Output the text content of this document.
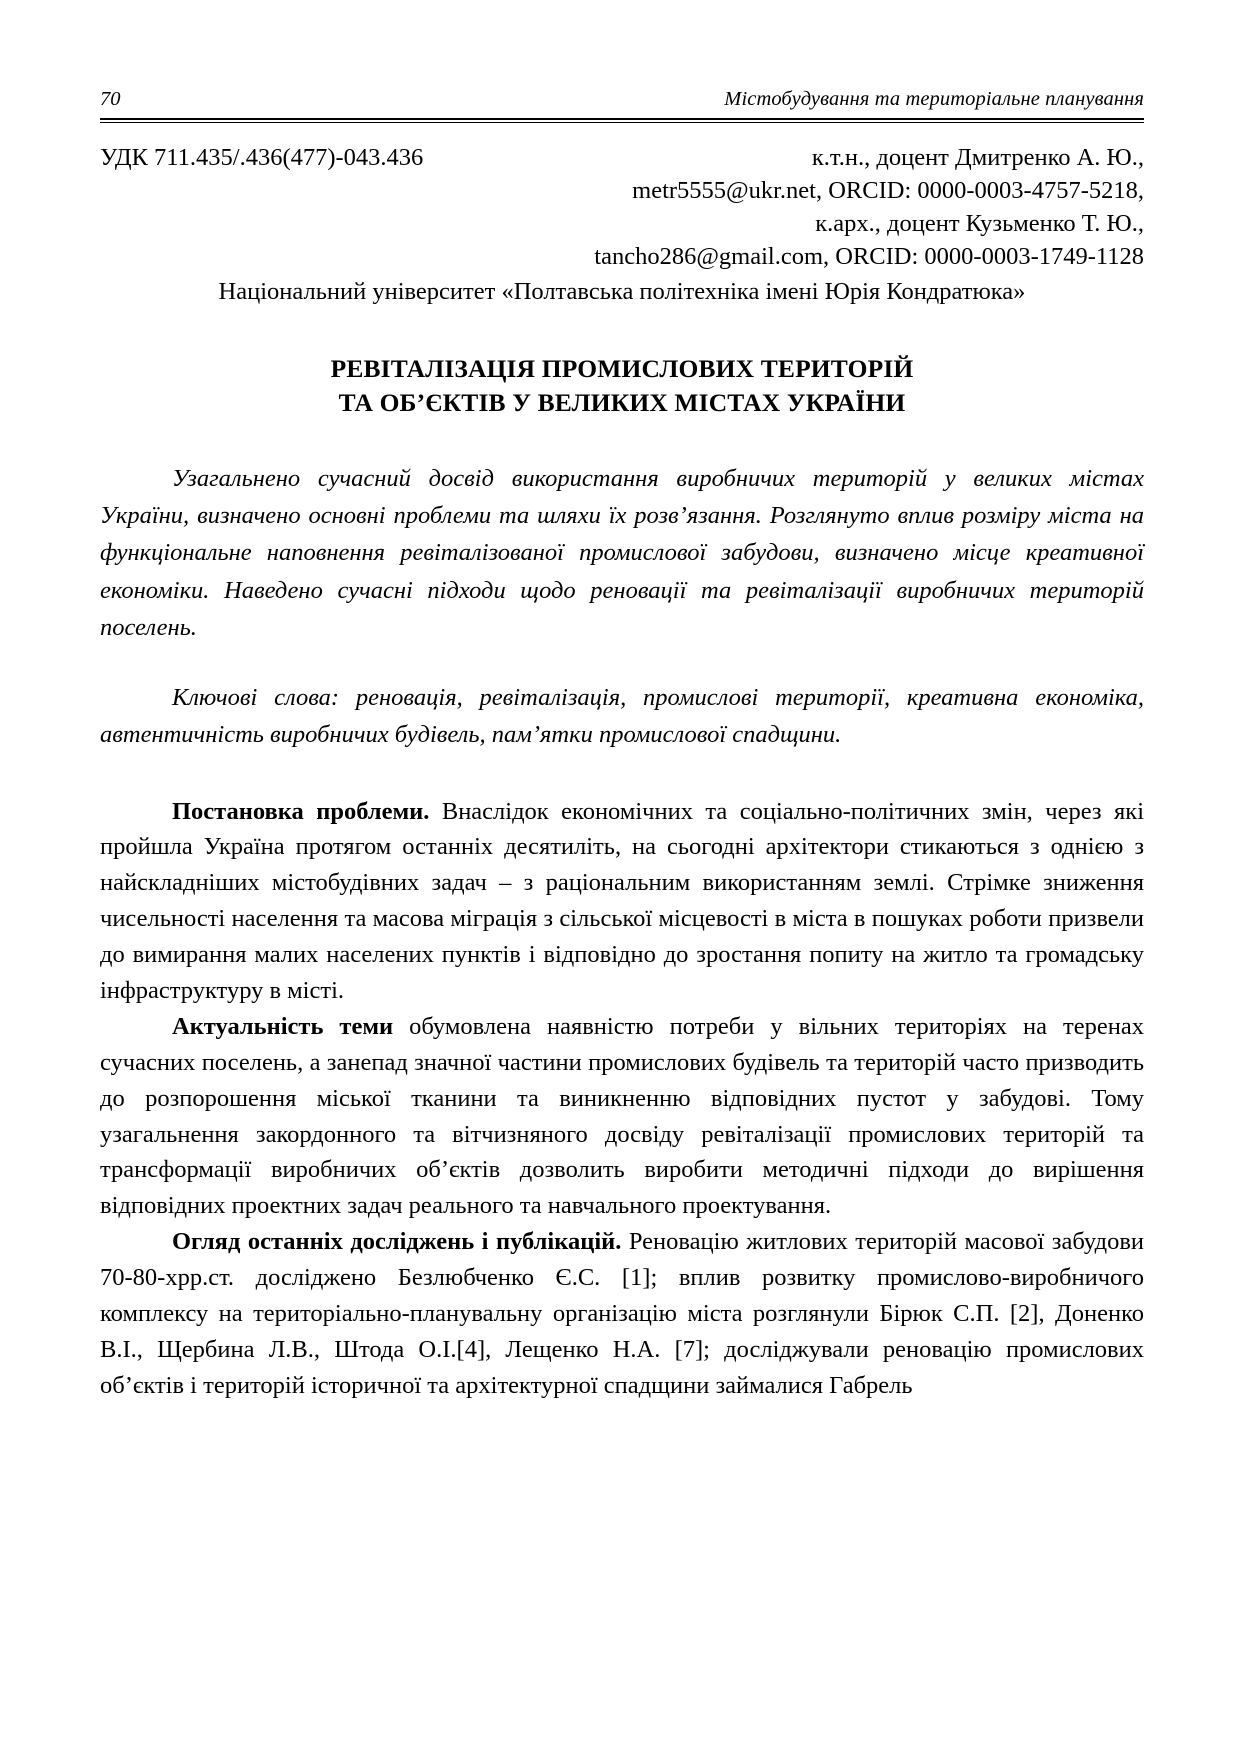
70	Містобудування та територіальне планування
УДК 711.435/.436(477)-043.436	к.т.н., доцент Дмитренко А. Ю.,
metr5555@ukr.net, ORCID: 0000-0003-4757-5218,
к.арх., доцент Кузьменко Т. Ю.,
tancho286@gmail.com, ORCID: 0000-0003-1749-1128
Національний університет «Полтавська політехніка імені Юрія Кондратюка»
РЕВІТАЛІЗАЦІЯ ПРОМИСЛОВИХ ТЕРИТОРІЙ
ТА ОБ’ЄКТІВ У ВЕЛИКИХ МІСТАХ УКРАЇНИ

Узагальнено сучасний досвід використання виробничих територій у великих містах України, визначено основні проблеми та шляхи їх розв’язання. Розглянуто вплив розміру міста на функціональне наповнення ревіталізованої промислової забудови, визначено місце креативної економіки. Наведено сучасні підходи щодо реновації та ревіталізації виробничих територій поселень.

Ключові слова: реновація, ревіталізація, промислові території, креативна економіка, автентичність виробничих будівель, пам’ятки промислової спадщини.

Постановка проблеми. Внаслідок економічних та соціально-політичних змін, через які пройшла Україна протягом останніх десятиліть, на сьогодні архітектори стикаються з однією з найскладніших містобудівних задач – з раціональним використанням землі. Стрімке зниження чисельності населення та масова міграція з сільської місцевості в міста в пошуках роботи призвели до вимирання малих населених пунктів і відповідно до зростання попиту на житло та громадську інфраструктуру в місті.

Актуальність теми обумовлена наявністю потреби у вільних територіях на теренах сучасних поселень, а занепад значної частини промислових будівель та територій часто призводить до розпорошення міської тканини та виникненню відповідних пустот у забудові. Тому узагальнення закордонного та вітчизняного досвіду ревіталізації промислових територій та трансформації виробничих об’єктів дозволить виробити методичні підходи до вирішення відповідних проектних задач реального та навчального проектування.

Огляд останніх досліджень і публікацій. Реновацію житлових територій масової забудови 70-80-хрр.ст. досліджено Безлюбченко Є.С. [1]; вплив розвитку промислово-виробничого комплексу на територіально-планувальну організацію міста розглянули Бірюк С.П. [2], Доненко В.І., Щербина Л.В., Штода О.І.[4], Лещенко Н.А. [7]; досліджували реновацію промислових об’єктів і територій історичної та архітектурної спадщини займалися Габрель
